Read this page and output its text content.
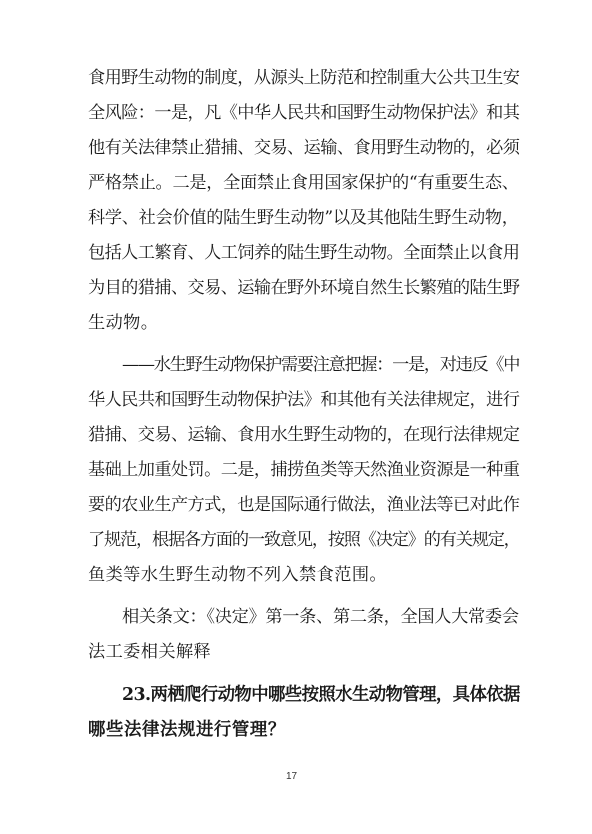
食用野生动物的制度，从源头上防范和控制重大公共卫生安
全风险：一是，凡《中华人民共和国野生动物保护法》和其
他有关法律禁止猎捕、交易、运输、食用野生动物的，必须
严格禁止。二是，全面禁止食用国家保护的“有重要生态、
科学、社会价值的陆生野生动物”以及其他陆生野生动物，
包括人工繁育、人工饲养的陆生野生动物。全面禁止以食用
为目的猎捕、交易、运输在野外环境自然生长繁殖的陆生野
生动物。
——水生野生动物保护需要注意把握：一是，对违反《中
华人民共和国野生动物保护法》和其他有关法律规定，进行
猎捕、交易、运输、食用水生野生动物的，在现行法律规定
基础上加重处罚。二是，捕捞鱼类等天然渔业资源是一种重
要的农业生产方式，也是国际通行做法，渔业法等已对此作
了规范，根据各方面的一致意见，按照《决定》的有关规定，
鱼类等水生野生动物不列入禁食范围。
相关条文：《决定》第一条、第二条，全国人大常委会
法工委相关解释
23.两栖爬行动物中哪些按照水生动物管理，具体依据
哪些法律法规进行管理？
17
